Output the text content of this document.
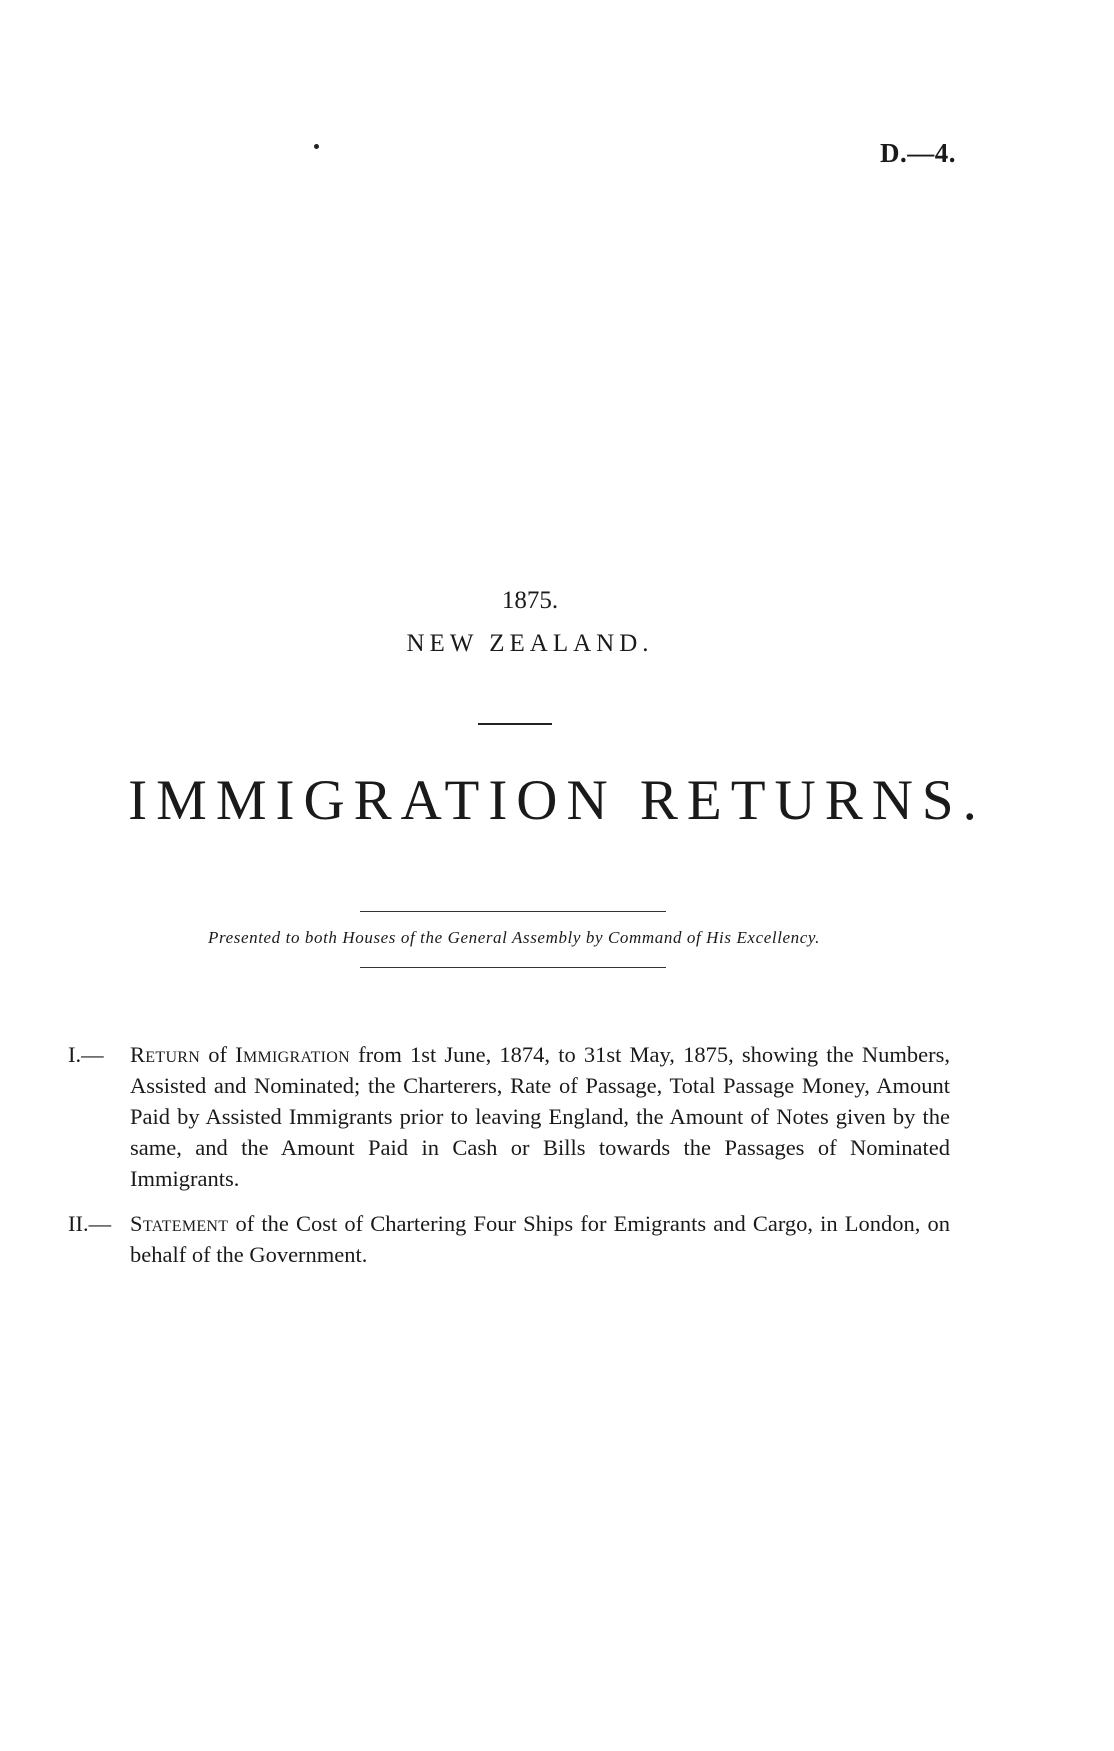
D.—4.
1875.
NEW ZEALAND.
IMMIGRATION RETURNS.
Presented to both Houses of the General Assembly by Command of His Excellency.
I.— Return of Immigration from 1st June, 1874, to 31st May, 1875, showing the Numbers, Assisted and Nominated; the Charterers, Rate of Passage, Total Passage Money, Amount Paid by Assisted Immigrants prior to leaving England, the Amount of Notes given by the same, and the Amount Paid in Cash or Bills towards the Passages of Nominated Immigrants.
II.— Statement of the Cost of Chartering Four Ships for Emigrants and Cargo, in London, on behalf of the Government.
